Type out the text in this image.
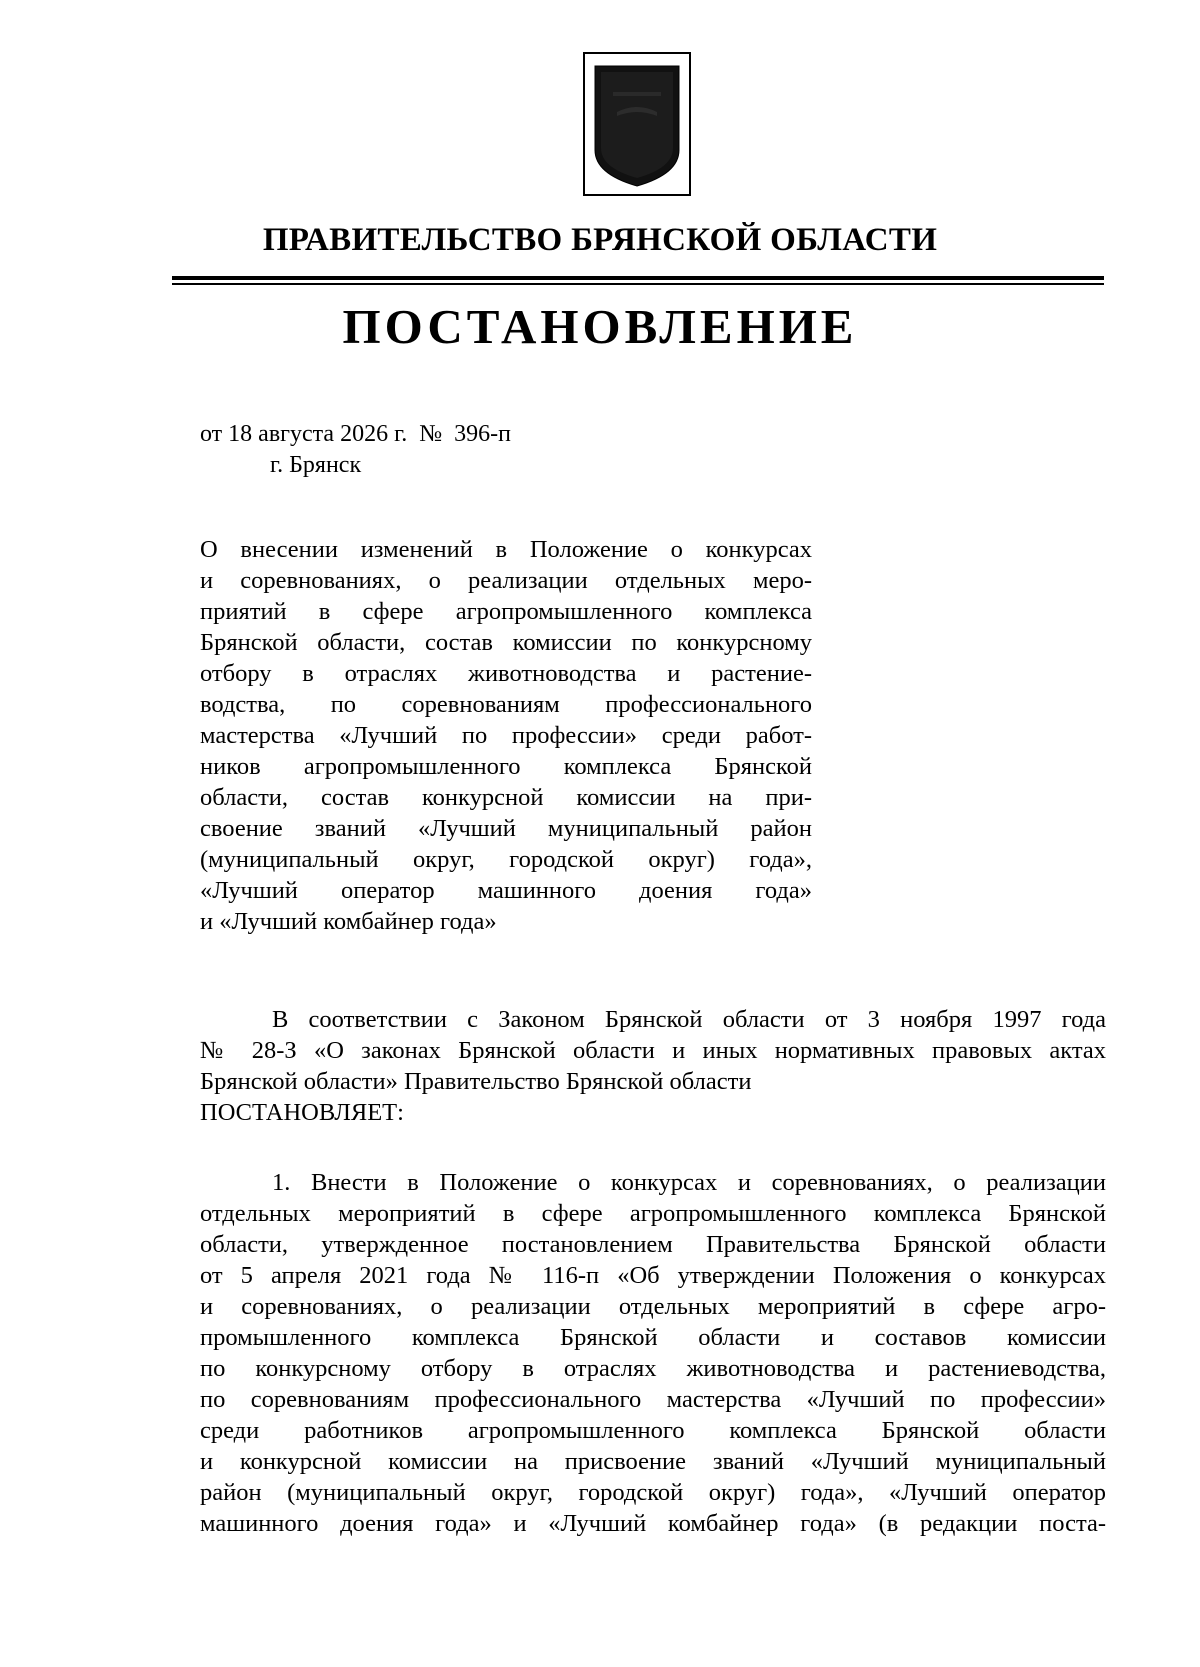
ПРАВИТЕЛЬСТВО БРЯНСКОЙ ОБЛАСТИ
ПОСТАНОВЛЕНИЕ
от 18 августа 2026 г.  №  396-п
г. Брянск
О внесении изменений в Положение о конкурсах
и соревнованиях, о реализации отдельных меро-
приятий в сфере агропромышленного комплекса
Брянской области, состав комиссии по конкурсному
отбору в отраслях животноводства и растение-
водства, по соревнованиям профессионального
мастерства «Лучший по профессии» среди работ-
ников агропромышленного комплекса Брянской
области, состав конкурсной комиссии на при-
своение званий «Лучший муниципальный район
(муниципальный округ, городской округ) года»,
«Лучший оператор машинного доения года»
и «Лучший комбайнер года»
В соответствии с Законом Брянской области от 3 ноября 1997 года
№ 28-З «О законах Брянской области и иных нормативных правовых актах
Брянской области» Правительство Брянской области
ПОСТАНОВЛЯЕТ:
1. Внести в Положение о конкурсах и соревнованиях, о реализации
отдельных мероприятий в сфере агропромышленного комплекса Брянской
области, утвержденное постановлением Правительства Брянской области
от 5 апреля 2021 года № 116-п «Об утверждении Положения о конкурсах
и соревнованиях, о реализации отдельных мероприятий в сфере агро-
промышленного комплекса Брянской области и составов комиссии
по конкурсному отбору в отраслях животноводства и растениеводства,
по соревнованиям профессионального мастерства «Лучший по профессии»
среди работников агропромышленного комплекса Брянской области
и конкурсной комиссии на присвоение званий «Лучший муниципальный
район (муниципальный округ, городской округ) года», «Лучший оператор
машинного доения года» и «Лучший комбайнер года» (в редакции поста-
